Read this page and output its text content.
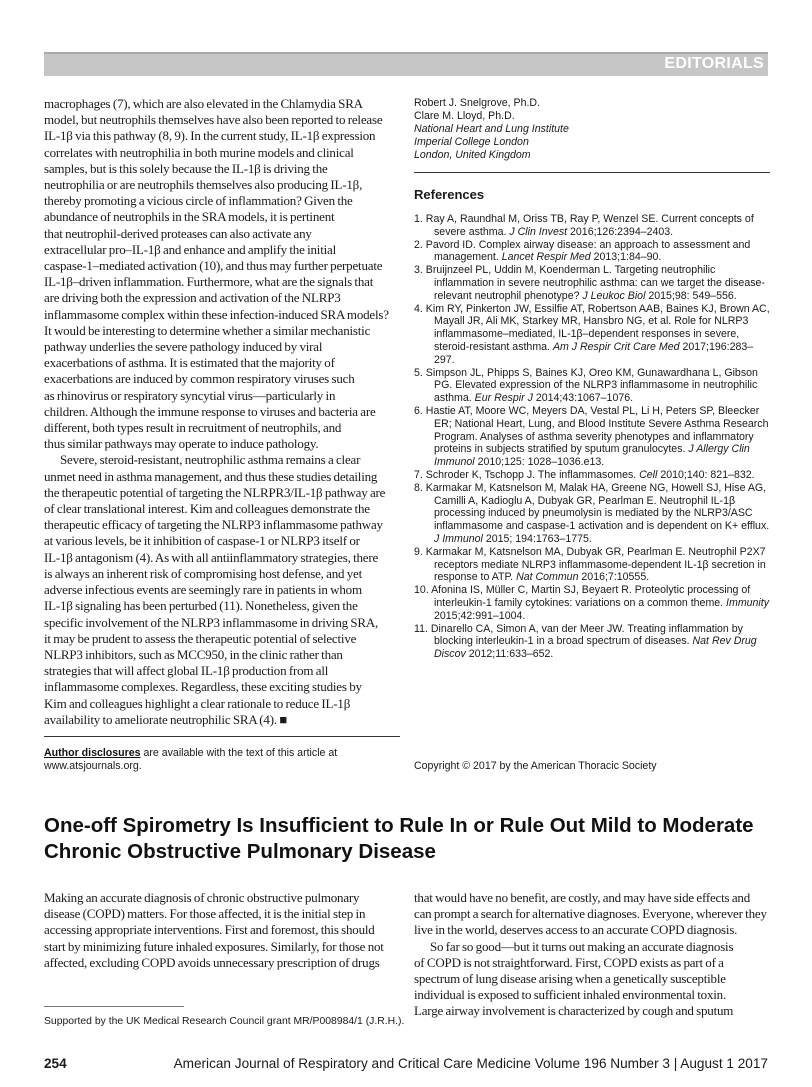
EDITORIALS
macrophages (7), which are also elevated in the Chlamydia SRA
model, but neutrophils themselves have also been reported to release
IL-1β via this pathway (8, 9). In the current study, IL-1β expression
correlates with neutrophilia in both murine models and clinical
samples, but is this solely because the IL-1β is driving the
neutrophilia or are neutrophils themselves also producing IL-1β,
thereby promoting a vicious circle of inflammation? Given the
abundance of neutrophils in the SRA models, it is pertinent
that neutrophil-derived proteases can also activate any
extracellular pro–IL-1β and enhance and amplify the initial
caspase-1–mediated activation (10), and thus may further perpetuate
IL-1β–driven inflammation. Furthermore, what are the signals that
are driving both the expression and activation of the NLRP3
inflammasome complex within these infection-induced SRA models?
It would be interesting to determine whether a similar mechanistic
pathway underlies the severe pathology induced by viral
exacerbations of asthma. It is estimated that the majority of
exacerbations are induced by common respiratory viruses such
as rhinovirus or respiratory syncytial virus—particularly in
children. Although the immune response to viruses and bacteria are
different, both types result in recruitment of neutrophils, and
thus similar pathways may operate to induce pathology.
Severe, steroid-resistant, neutrophilic asthma remains a clear
unmet need in asthma management, and thus these studies detailing
the therapeutic potential of targeting the NLRPR3/IL-1β pathway are
of clear translational interest. Kim and colleagues demonstrate the
therapeutic efficacy of targeting the NLRP3 inflammasome pathway
at various levels, be it inhibition of caspase-1 or NLRP3 itself or
IL-1β antagonism (4). As with all antiinflammatory strategies, there
is always an inherent risk of compromising host defense, and yet
adverse infectious events are seemingly rare in patients in whom
IL-1β signaling has been perturbed (11). Nonetheless, given the
specific involvement of the NLRP3 inflammasome in driving SRA,
it may be prudent to assess the therapeutic potential of selective
NLRP3 inhibitors, such as MCC950, in the clinic rather than
strategies that will affect global IL-1β production from all
inflammasome complexes. Regardless, these exciting studies by
Kim and colleagues highlight a clear rationale to reduce IL-1β
availability to ameliorate neutrophilic SRA (4). ■
Author disclosures are available with the text of this article at www.atsjournals.org.
Robert J. Snelgrove, Ph.D.
Clare M. Lloyd, Ph.D.
National Heart and Lung Institute
Imperial College London
London, United Kingdom
References
1. Ray A, Raundhal M, Oriss TB, Ray P, Wenzel SE. Current concepts of severe asthma. J Clin Invest 2016;126:2394–2403.
2. Pavord ID. Complex airway disease: an approach to assessment and management. Lancet Respir Med 2013;1:84–90.
3. Bruijnzeel PL, Uddin M, Koenderman L. Targeting neutrophilic inflammation in severe neutrophilic asthma: can we target the disease-relevant neutrophil phenotype? J Leukoc Biol 2015;98: 549–556.
4. Kim RY, Pinkerton JW, Essilfie AT, Robertson AAB, Baines KJ, Brown AC, Mayall JR, Ali MK, Starkey MR, Hansbro NG, et al. Role for NLRP3 inflammasome–mediated, IL-1β–dependent responses in severe, steroid-resistant asthma. Am J Respir Crit Care Med 2017;196:283–297.
5. Simpson JL, Phipps S, Baines KJ, Oreo KM, Gunawardhana L, Gibson PG. Elevated expression of the NLRP3 inflammasome in neutrophilic asthma. Eur Respir J 2014;43:1067–1076.
6. Hastie AT, Moore WC, Meyers DA, Vestal PL, Li H, Peters SP, Bleecker ER; National Heart, Lung, and Blood Institute Severe Asthma Research Program. Analyses of asthma severity phenotypes and inflammatory proteins in subjects stratified by sputum granulocytes. J Allergy Clin Immunol 2010;125: 1028–1036.e13.
7. Schroder K, Tschopp J. The inflammasomes. Cell 2010;140: 821–832.
8. Karmakar M, Katsnelson M, Malak HA, Greene NG, Howell SJ, Hise AG, Camilli A, Kadioglu A, Dubyak GR, Pearlman E. Neutrophil IL-1β processing induced by pneumolysin is mediated by the NLRP3/ASC inflammasome and caspase-1 activation and is dependent on K+ efflux. J Immunol 2015; 194:1763–1775.
9. Karmakar M, Katsnelson MA, Dubyak GR, Pearlman E. Neutrophil P2X7 receptors mediate NLRP3 inflammasome-dependent IL-1β secretion in response to ATP. Nat Commun 2016;7:10555.
10. Afonina IS, Müller C, Martin SJ, Beyaert R. Proteolytic processing of interleukin-1 family cytokines: variations on a common theme. Immunity 2015;42:991–1004.
11. Dinarello CA, Simon A, van der Meer JW. Treating inflammation by blocking interleukin-1 in a broad spectrum of diseases. Nat Rev Drug Discov 2012;11:633–652.
Copyright © 2017 by the American Thoracic Society
One-off Spirometry Is Insufficient to Rule In or Rule Out Mild to Moderate Chronic Obstructive Pulmonary Disease
Making an accurate diagnosis of chronic obstructive pulmonary
disease (COPD) matters. For those affected, it is the initial step in
accessing appropriate interventions. First and foremost, this should
start by minimizing future inhaled exposures. Similarly, for those not
affected, excluding COPD avoids unnecessary prescription of drugs
that would have no benefit, are costly, and may have side effects and
can prompt a search for alternative diagnoses. Everyone, wherever they
live in the world, deserves access to an accurate COPD diagnosis.
So far so good—but it turns out making an accurate diagnosis
of COPD is not straightforward. First, COPD exists as part of a
spectrum of lung disease arising when a genetically susceptible
individual is exposed to sufficient inhaled environmental toxin.
Large airway involvement is characterized by cough and sputum
Supported by the UK Medical Research Council grant MR/P008984/1 (J.R.H.).
254	American Journal of Respiratory and Critical Care Medicine Volume 196 Number 3 | August 1 2017
